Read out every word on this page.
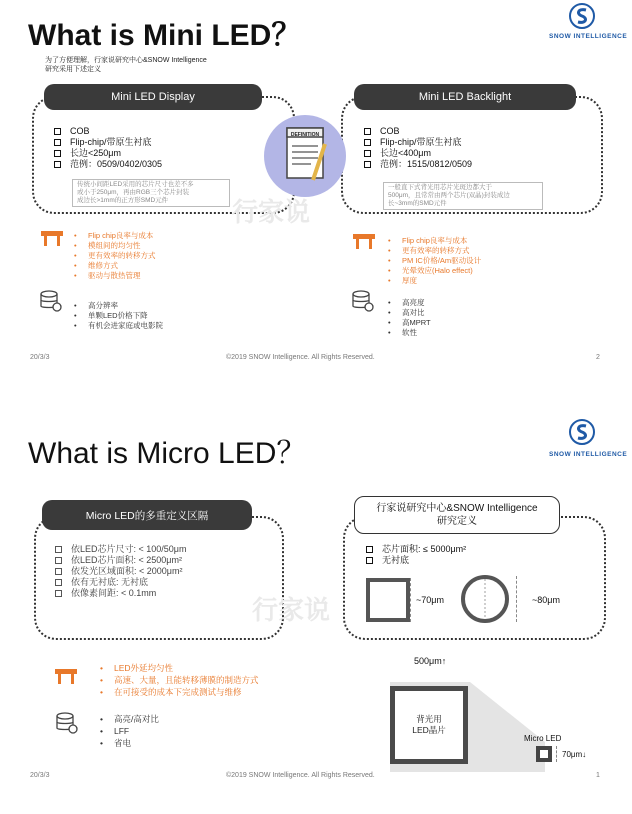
What is Mini LED？	SNOW INTELLIGENCE
为了方便理解，行家说研究中心&SNOW Intelligence
研究采用下述定义
Mini LED Display
COB
Flip-chip/带原生衬底
长边<250μm
范例：0509/0402/0305
传统小间距LED采用的芯片尺寸也差不多
或小于250μm，再由RGB三个芯片封装
成边长>1mm的正方形SMD元件
Mini LED Backlight
COB
Flip-chip/带原生衬底
长边<400μm
范例：1515/0812/0509
一般直下式背光用芯片光斑边都大于
500μm，且常常由两个芯片(双晶)封装成边
长~3mm的SMD元件
DEFINITION
行家说
•	Flip chip良率与成本
•	模组间的均匀性
•	更有效率的转移方式
•	维修方式
•	驱动与散热管理
•	高分辨率
•	单颗LED价格下降
•	有机会进家庭或电影院
•	Flip chip良率与成本
•	更有效率的转移方式
•	PM IC价格/Am驱动设计
•	光晕效应(Halo effect)
•	厚度
•	高亮度
•	高对比
•	高MPRT
•	软性
20/3/3	©2019 SNOW Intelligence. All Rights Reserved.	2
What is Micro LED？	SNOW INTELLIGENCE
Micro LED的多重定义区隔
依LED芯片尺寸: < 100/50μm
依LED芯片面积: < 2500μm²
依发光区域面积: < 2000μm²
依有无衬底: 无衬底
依像素间距: < 0.1mm
行家说研究中心&SNOW Intelligence
研究定义
芯片面积: ≤ 5000μm²
无衬底
~70μm	~80μm
行家说
•	LED外延均匀性
•	高速、大量，且能转移薄膜的制造方式
•	在可接受的成本下完成测试与维修
•	高亮/高对比
•	LFF
•	省电
500μm↑
背光用
LED晶片
Micro LED
70μm↓
20/3/3	©2019 SNOW Intelligence. All Rights Reserved.	1
